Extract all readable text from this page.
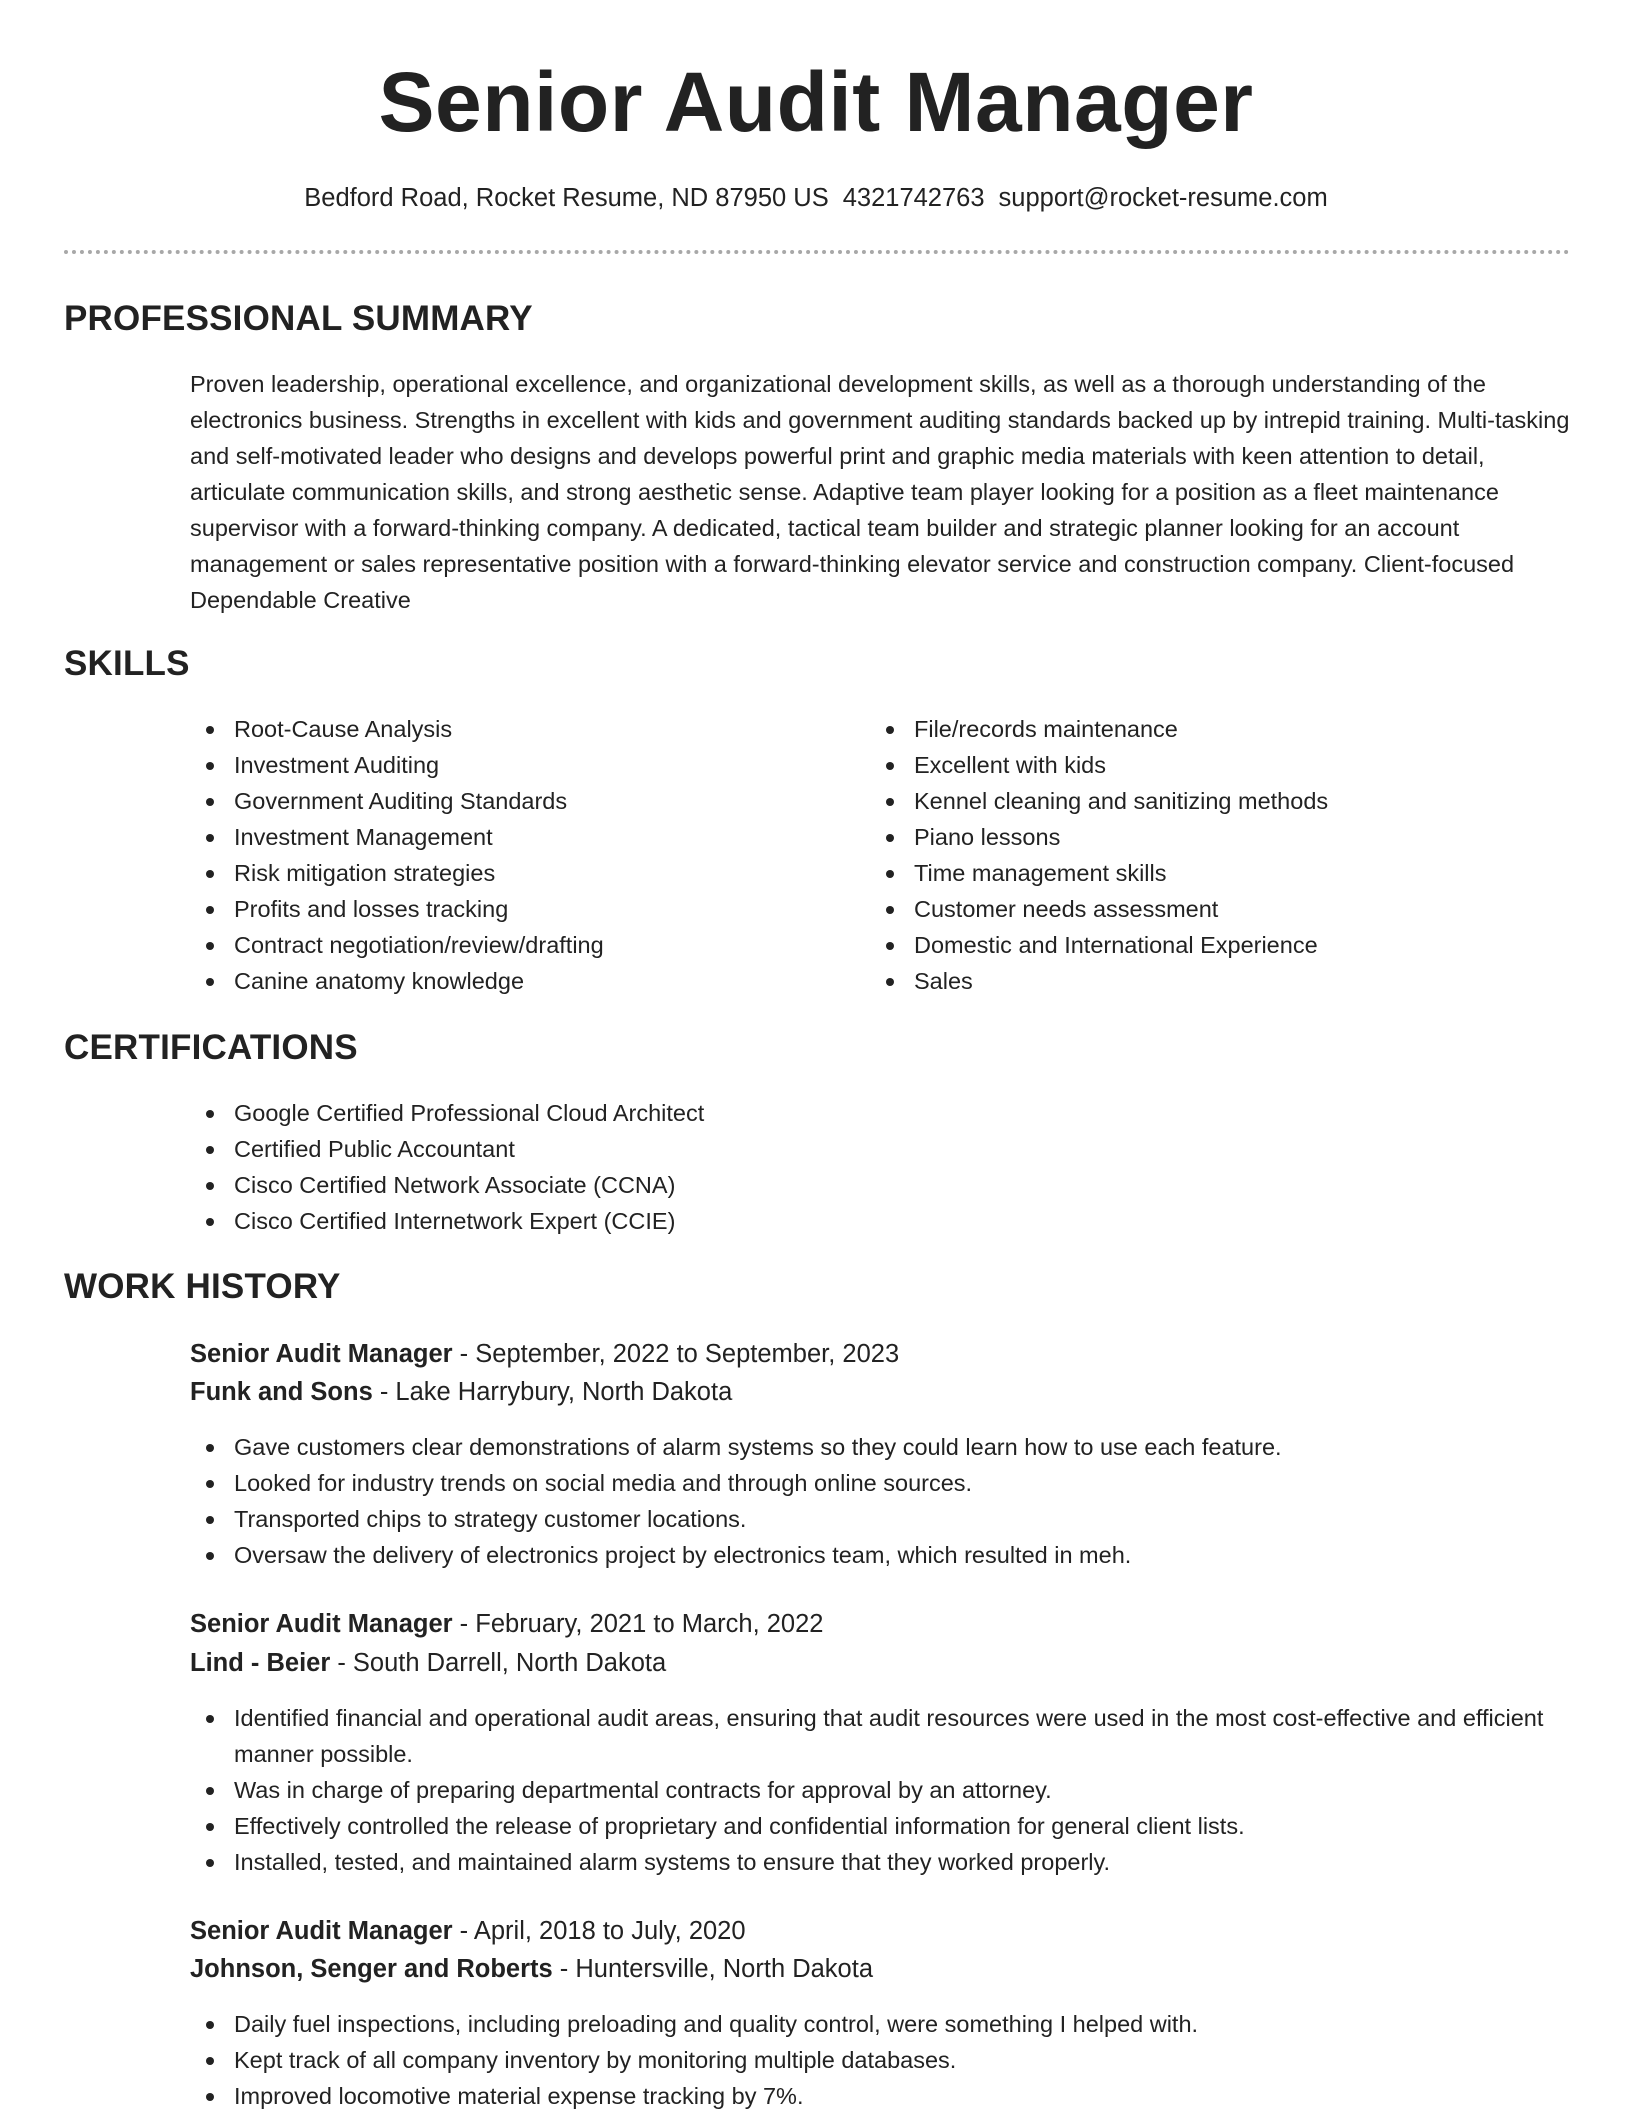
Senior Audit Manager
Bedford Road, Rocket Resume, ND 87950 US 4321742763 support@rocket-resume.com
PROFESSIONAL SUMMARY
Proven leadership, operational excellence, and organizational development skills, as well as a thorough understanding of the electronics business. Strengths in excellent with kids and government auditing standards backed up by intrepid training. Multi-tasking and self-motivated leader who designs and develops powerful print and graphic media materials with keen attention to detail, articulate communication skills, and strong aesthetic sense. Adaptive team player looking for a position as a fleet maintenance supervisor with a forward-thinking company. A dedicated, tactical team builder and strategic planner looking for an account management or sales representative position with a forward-thinking elevator service and construction company. Client-focused Dependable Creative
SKILLS
Root-Cause Analysis
Investment Auditing
Government Auditing Standards
Investment Management
Risk mitigation strategies
Profits and losses tracking
Contract negotiation/review/drafting
Canine anatomy knowledge
File/records maintenance
Excellent with kids
Kennel cleaning and sanitizing methods
Piano lessons
Time management skills
Customer needs assessment
Domestic and International Experience
Sales
CERTIFICATIONS
Google Certified Professional Cloud Architect
Certified Public Accountant
Cisco Certified Network Associate (CCNA)
Cisco Certified Internetwork Expert (CCIE)
WORK HISTORY
Senior Audit Manager - September, 2022 to September, 2023
Funk and Sons - Lake Harrybury, North Dakota
Gave customers clear demonstrations of alarm systems so they could learn how to use each feature.
Looked for industry trends on social media and through online sources.
Transported chips to strategy customer locations.
Oversaw the delivery of electronics project by electronics team, which resulted in meh.
Senior Audit Manager - February, 2021 to March, 2022
Lind - Beier - South Darrell, North Dakota
Identified financial and operational audit areas, ensuring that audit resources were used in the most cost-effective and efficient manner possible.
Was in charge of preparing departmental contracts for approval by an attorney.
Effectively controlled the release of proprietary and confidential information for general client lists.
Installed, tested, and maintained alarm systems to ensure that they worked properly.
Senior Audit Manager - April, 2018 to July, 2020
Johnson, Senger and Roberts - Huntersville, North Dakota
Daily fuel inspections, including preloading and quality control, were something I helped with.
Kept track of all company inventory by monitoring multiple databases.
Improved locomotive material expense tracking by 7%.
